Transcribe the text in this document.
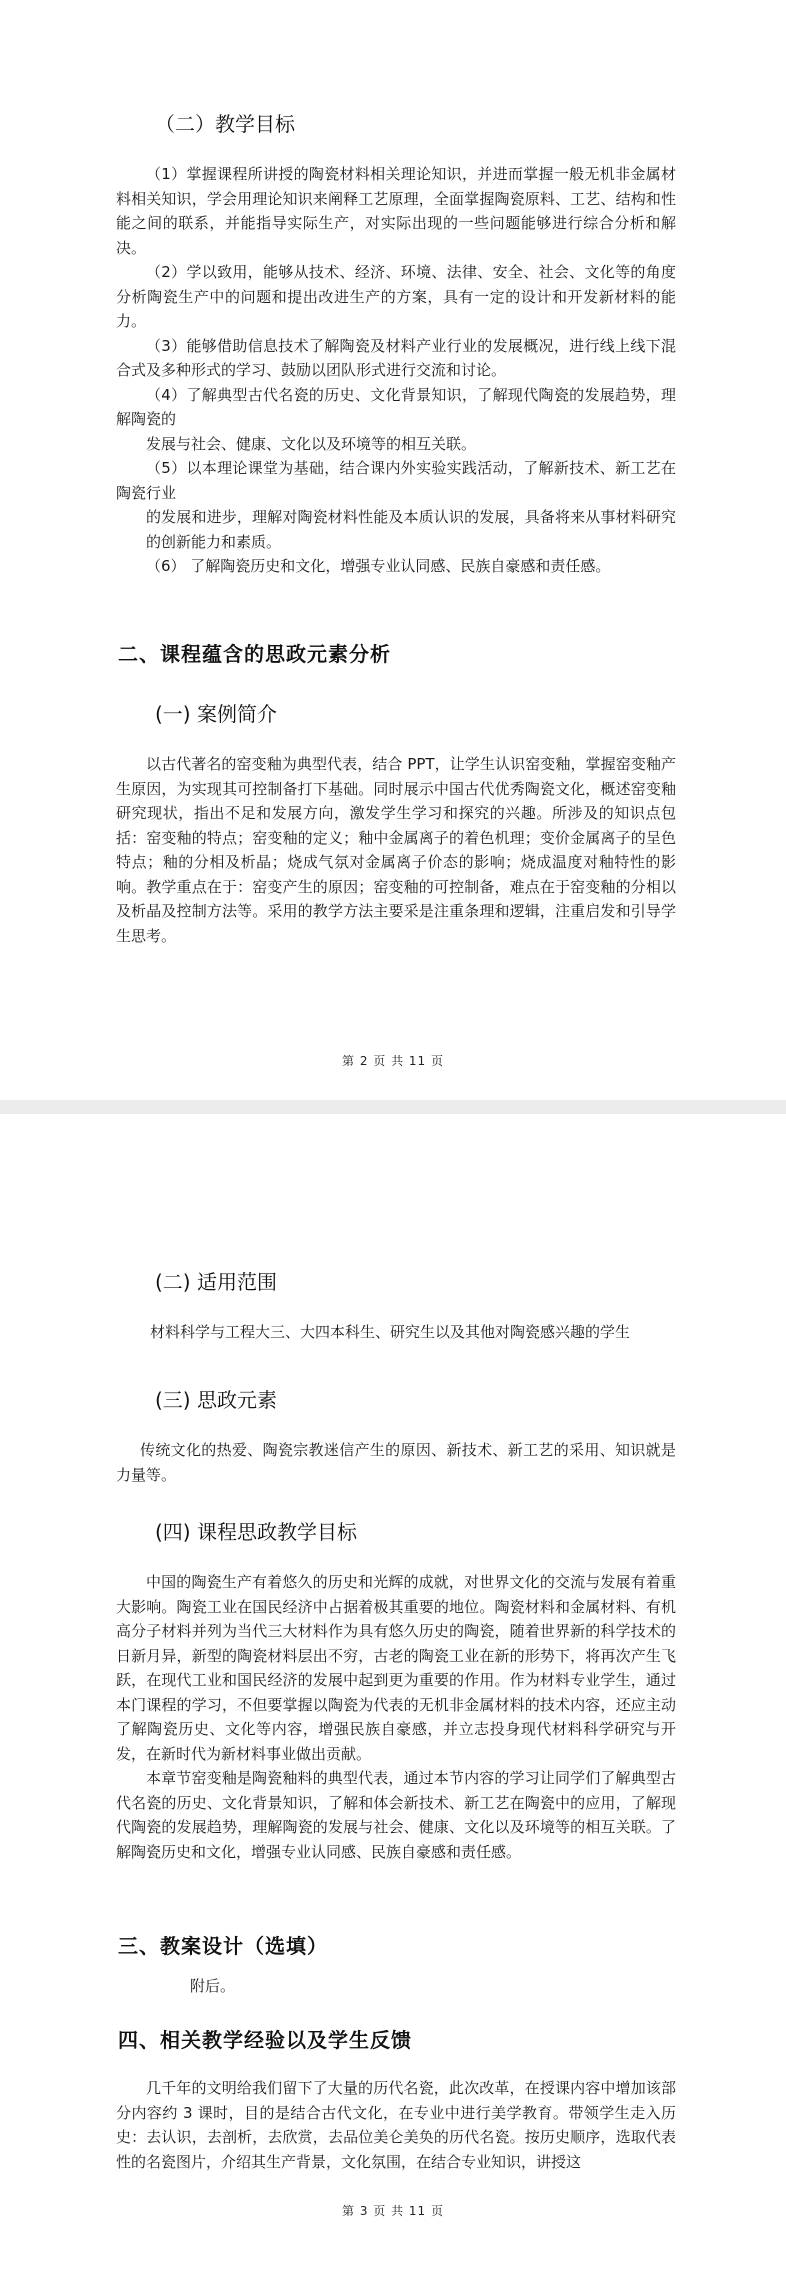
（二）教学目标

（1）掌握课程所讲授的陶瓷材料相关理论知识，并进而掌握一般无机非金属材料相关知识，学会用理论知识来阐释工艺原理，全面掌握陶瓷原料、工艺、结构和性能之间的联系，并能指导实际生产，对实际出现的一些问题能够进行综合分析和解决。

（2）学以致用，能够从技术、经济、环境、法律、安全、社会、文化等的角度分析陶瓷生产中的问题和提出改进生产的方案，具有一定的设计和开发新材料的能力。

（3）能够借助信息技术了解陶瓷及材料产业行业的发展概况，进行线上线下混合式及多种形式的学习、鼓励以团队形式进行交流和讨论。

（4）了解典型古代名瓷的历史、文化背景知识，了解现代陶瓷的发展趋势，理解陶瓷的

发展与社会、健康、文化以及环境等的相互关联。

（5）以本理论课堂为基础，结合课内外实验实践活动，了解新技术、新工艺在陶瓷行业

的发展和进步，理解对陶瓷材料性能及本质认识的发展，具备将来从事材料研究的创新能力和素质。

（6） 了解陶瓷历史和文化，增强专业认同感、民族自豪感和责任感。

二、课程蕴含的思政元素分析
(一) 案例简介

以古代著名的窑变釉为典型代表，结合 PPT，让学生认识窑变釉，掌握窑变釉产生原因，为实现其可控制备打下基础。同时展示中国古代优秀陶瓷文化，概述窑变釉研究现状，指出不足和发展方向，激发学生学习和探究的兴趣。所涉及的知识点包括：窑变釉的特点；窑变釉的定义；釉中金属离子的着色机理；变价金属离子的呈色特点；釉的分相及析晶；烧成气氛对金属离子价态的影响；烧成温度对釉特性的影响。教学重点在于：窑变产生的原因；窑变釉的可控制备，难点在于窑变釉的分相以及析晶及控制方法等。采用的教学方法主要采是注重条理和逻辑，注重启发和引导学生思考。

第 2 页 共 11 页
(二) 适用范围

材料科学与工程大三、大四本科生、研究生以及其他对陶瓷感兴趣的学生

(三) 思政元素

传统文化的热爱、陶瓷宗教迷信产生的原因、新技术、新工艺的采用、知识就是力量等。

(四) 课程思政教学目标

中国的陶瓷生产有着悠久的历史和光辉的成就，对世界文化的交流与发展有着重大影响。陶瓷工业在国民经济中占据着极其重要的地位。陶瓷材料和金属材料、有机高分子材料并列为当代三大材料作为具有悠久历史的陶瓷，随着世界新的科学技术的日新月异，新型的陶瓷材料层出不穷，古老的陶瓷工业在新的形势下，将再次产生飞跃，在现代工业和国民经济的发展中起到更为重要的作用。作为材料专业学生，通过本门课程的学习，不但要掌握以陶瓷为代表的无机非金属材料的技术内容，还应主动了解陶瓷历史、文化等内容，增强民族自豪感，并立志投身现代材料科学研究与开发，在新时代为新材料事业做出贡献。

本章节窑变釉是陶瓷釉料的典型代表，通过本节内容的学习让同学们了解典型古代名瓷的历史、文化背景知识，了解和体会新技术、新工艺在陶瓷中的应用，了解现代陶瓷的发展趋势，理解陶瓷的发展与社会、健康、文化以及环境等的相互关联。了解陶瓷历史和文化，增强专业认同感、民族自豪感和责任感。

三、教案设计（选填）

附后。

四、相关教学经验以及学生反馈

几千年的文明给我们留下了大量的历代名瓷，此次改革，在授课内容中增加该部分内容约 3 课时，目的是结合古代文化，在专业中进行美学教育。带领学生走入历史：去认识，去剖析，去欣赏，去品位美仑美奂的历代名瓷。按历史顺序，选取代表性的名瓷图片，介绍其生产背景，文化氛围，在结合专业知识，讲授这

第 3 页 共 11 页
